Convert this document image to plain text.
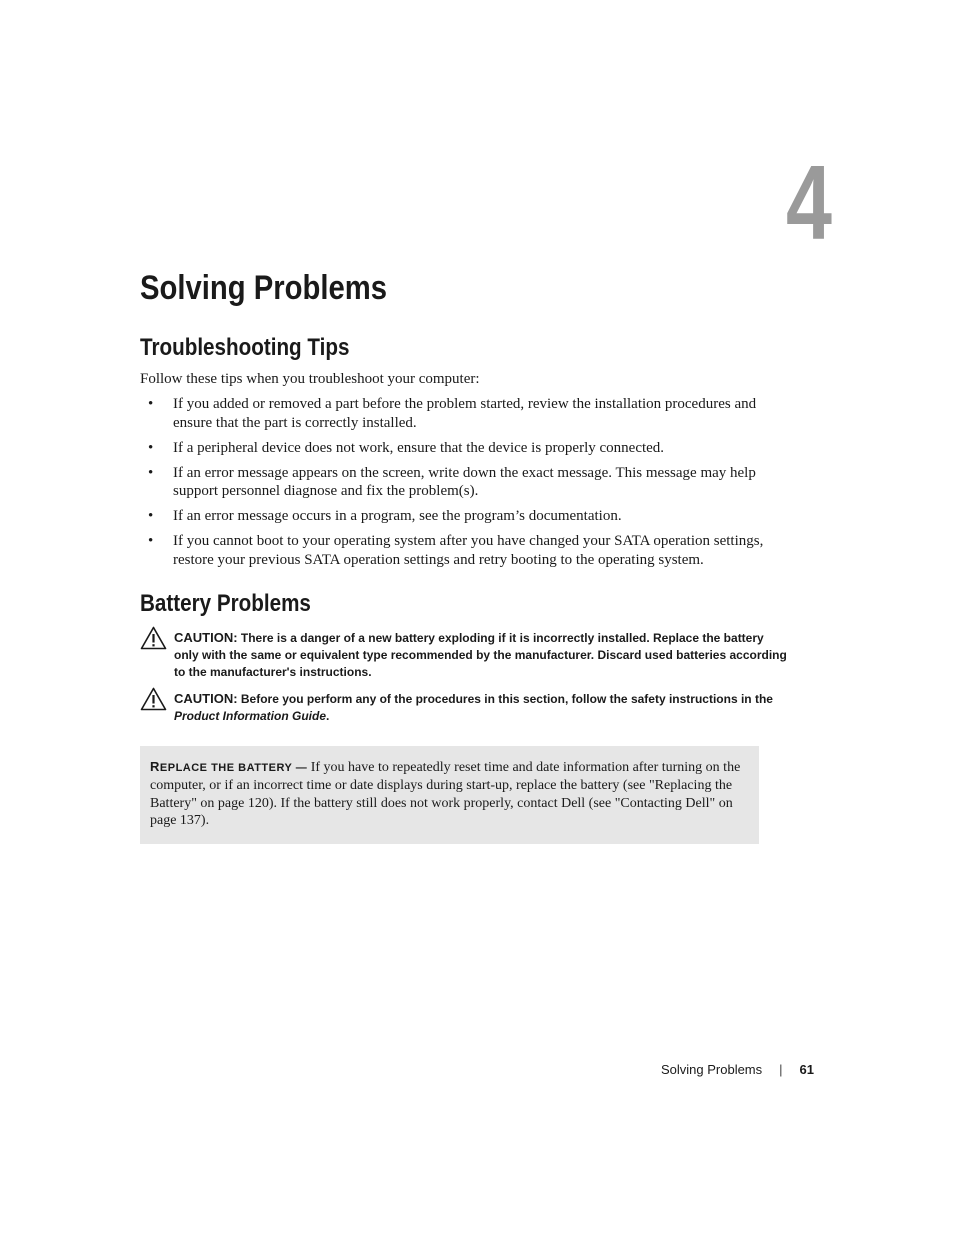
4
Solving Problems
Troubleshooting Tips

Follow these tips when you troubleshoot your computer:

• If you added or removed a part before the problem started, review the installation procedures and ensure that the part is correctly installed.
• If a peripheral device does not work, ensure that the device is properly connected.
• If an error message appears on the screen, write down the exact message. This message may help support personnel diagnose and fix the problem(s).
• If an error message occurs in a program, see the program’s documentation.
• If you cannot boot to your operating system after you have changed your SATA operation settings, restore your previous SATA operation settings and retry booting to the operating system.
Battery Problems
CAUTION: There is a danger of a new battery exploding if it is incorrectly installed. Replace the battery only with the same or equivalent type recommended by the manufacturer. Discard used batteries according to the manufacturer's instructions.
CAUTION: Before you perform any of the procedures in this section, follow the safety instructions in the Product Information Guide.
REPLACE THE BATTERY — If you have to repeatedly reset time and date information after turning on the computer, or if an incorrect time or date displays during start-up, replace the battery (see "Replacing the Battery" on page 120). If the battery still does not work properly, contact Dell (see "Contacting Dell" on page 137).
Solving Problems | 61
